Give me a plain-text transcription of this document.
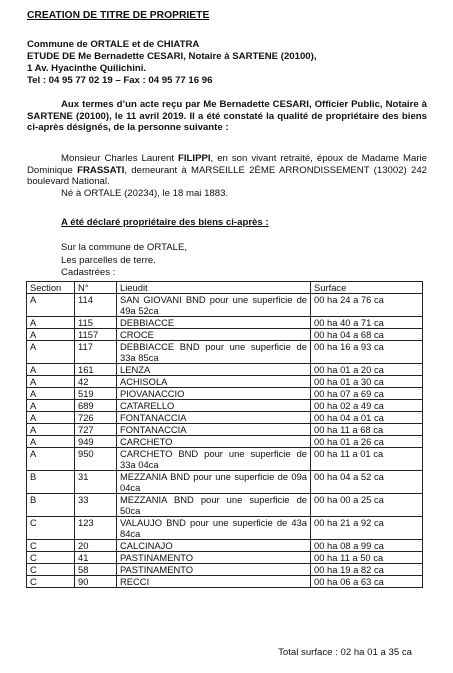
CREATION DE TITRE DE PROPRIETE
Commune de ORTALE et de CHIATRA
ETUDE DE Me Bernadette CESARI, Notaire à SARTENE (20100),
1 Av. Hyacinthe Quilichini.
Tel : 04 95 77 02 19 – Fax : 04 95 77 16 96
Aux termes d’un acte reçu par Me Bernadette CESARI, Officier Public, Notaire à SARTENE (20100), le 11 avril 2019. Il a été constaté la qualité de propriétaire des biens ci-après désignés, de la personne suivante :
Monsieur Charles Laurent FILIPPI, en son vivant retraité, époux de Madame Marie Dominique FRASSATI, demeurant à MARSEILLE 2ÈME ARRONDISSEMENT (13002) 242 boulevard National.
Né à ORTALE (20234), le 18 mai 1883.
A été déclaré propriétaire des biens ci-après :
Sur la commune de ORTALE,
Les parcelles de terre.
Cadastrées :
Section	N°	Lieudit	Surface
A	114	SAN GIOVANI BND pour une superficie de 49a 52ca	00 ha 24 a 76 ca
A	115	DEBBIACCE	00 ha 40 a 71 ca
A	1157	CROCE	00 ha 04 a 68 ca
A	117	DEBBIACCE BND pour une superficie de 33a 85ca	00 ha 16 a 93 ca
A	161	LENZA	00 ha 01 a 20 ca
A	42	ACHISOLA	00 ha 01 a 30 ca
A	519	PIOVANACCIO	00 ha 07 a 69 ca
A	689	CATARELLO	00 ha 02 a 49 ca
A	726	FONTANACCIA	00 ha 04 a 01 ca
A	727	FONTANACCIA	00 ha 11 a 68 ca
A	949	CARCHETO	00 ha 01 a 26 ca
A	950	CARCHETO BND pour une superficie de 33a 04ca	00 ha 11 a 01 ca
B	31	MEZZANIA BND pour une superficie de 09a 04ca	00 ha 04 a 52 ca
B	33	MEZZANIA BND pour une superficie de 50ca	00 ha 00 a 25 ca
C	123	VALAUJO BND pour une superficie de 43a 84ca	00 ha 21 a 92 ca
C	20	CALCINAJO	00 ha 08 a 99 ca
C	41	PASTINAMENTO	00 ha 11 a 50 ca
C	58	PASTINAMENTO	00 ha 19 a 82 ca
C	90	RECCI	00 ha 06 a 63 ca
Total surface : 02 ha 01 a 35 ca
